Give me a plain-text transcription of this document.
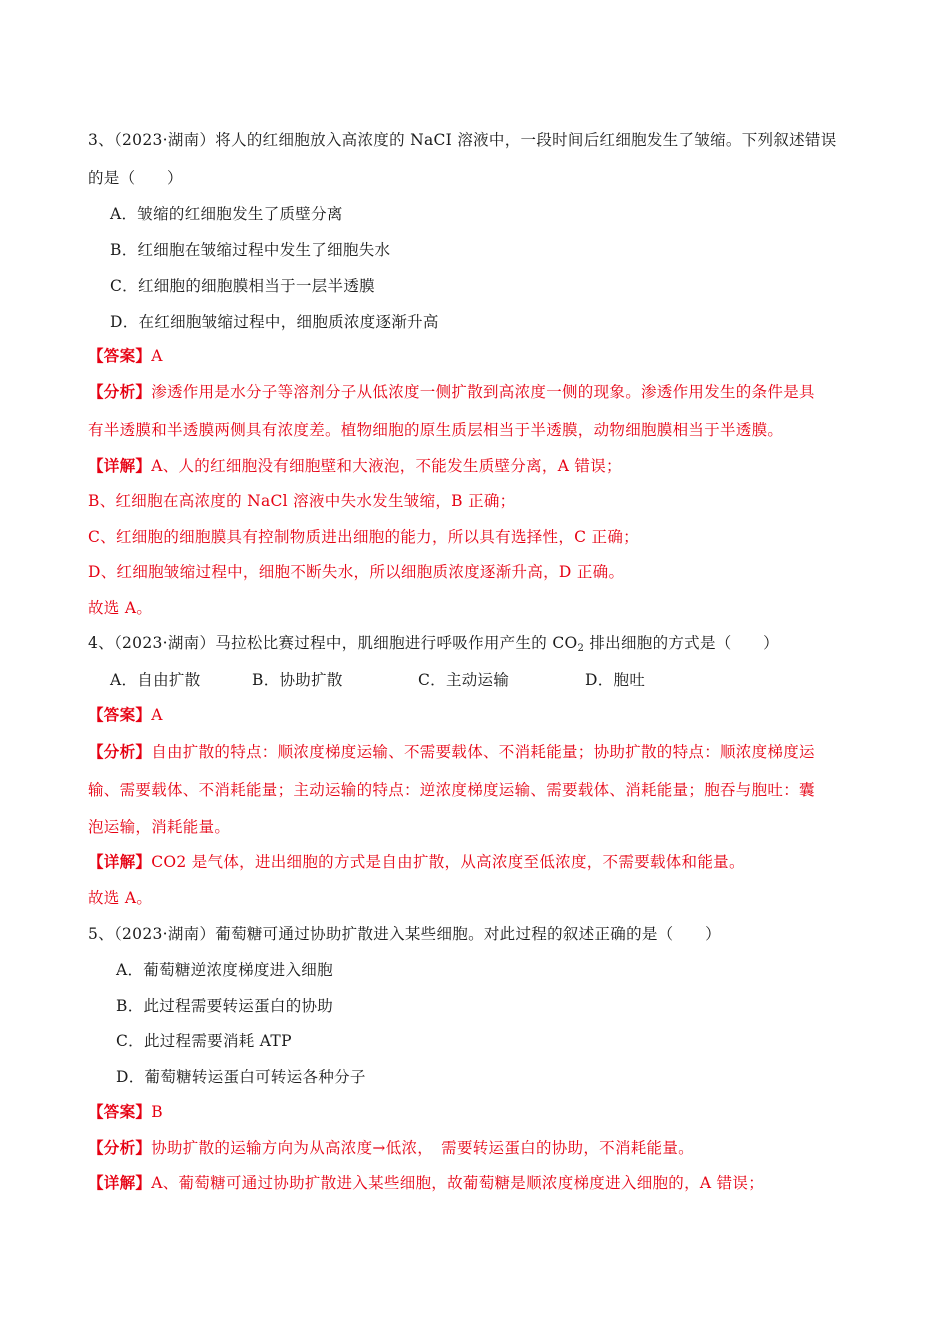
3、（2023·湖南）将人的红细胞放入高浓度的 NaCI 溶液中，一段时间后红细胞发生了皱缩。下列叙述错误
的是（　　）
A．皱缩的红细胞发生了质壁分离
B．红细胞在皱缩过程中发生了细胞失水
C．红细胞的细胞膜相当于一层半透膜
D．在红细胞皱缩过程中，细胞质浓度逐渐升高
【答案】A
【分析】渗透作用是水分子等溶剂分子从低浓度一侧扩散到高浓度一侧的现象。渗透作用发生的条件是具
有半透膜和半透膜两侧具有浓度差。植物细胞的原生质层相当于半透膜，动物细胞膜相当于半透膜。
【详解】A、人的红细胞没有细胞壁和大液泡，不能发生质壁分离，A 错误；
B、红细胞在高浓度的 NaCl 溶液中失水发生皱缩，B 正确；
C、红细胞的细胞膜具有控制物质进出细胞的能力，所以具有选择性，C 正确；
D、红细胞皱缩过程中，细胞不断失水，所以细胞质浓度逐渐升高，D 正确。
故选 A。
4、（2023·湖南）马拉松比赛过程中，肌细胞进行呼吸作用产生的 $CO_2$ 排出细胞的方式是（　　）
A．自由扩散	B．协助扩散	C．主动运输	D．胞吐
【答案】A
【分析】自由扩散的特点：顺浓度梯度运输、不需要载体、不消耗能量；协助扩散的特点：顺浓度梯度运
输、需要载体、不消耗能量；主动运输的特点：逆浓度梯度运输、需要载体、消耗能量；胞吞与胞吐：囊
泡运输，消耗能量。
【详解】CO2 是气体，进出细胞的方式是自由扩散，从高浓度至低浓度，不需要载体和能量。
故选 A。
5、（2023·湖南）葡萄糖可通过协助扩散进入某些细胞。对此过程的叙述正确的是（　　）
A．葡萄糖逆浓度梯度进入细胞
B．此过程需要转运蛋白的协助
C．此过程需要消耗 ATP
D．葡萄糖转运蛋白可转运各种分子
【答案】B
【分析】协助扩散的运输方向为从高浓度→低浓，　需要转运蛋白的协助，不消耗能量。
【详解】A、葡萄糖可通过协助扩散进入某些细胞，故葡萄糖是顺浓度梯度进入细胞的，A 错误；
